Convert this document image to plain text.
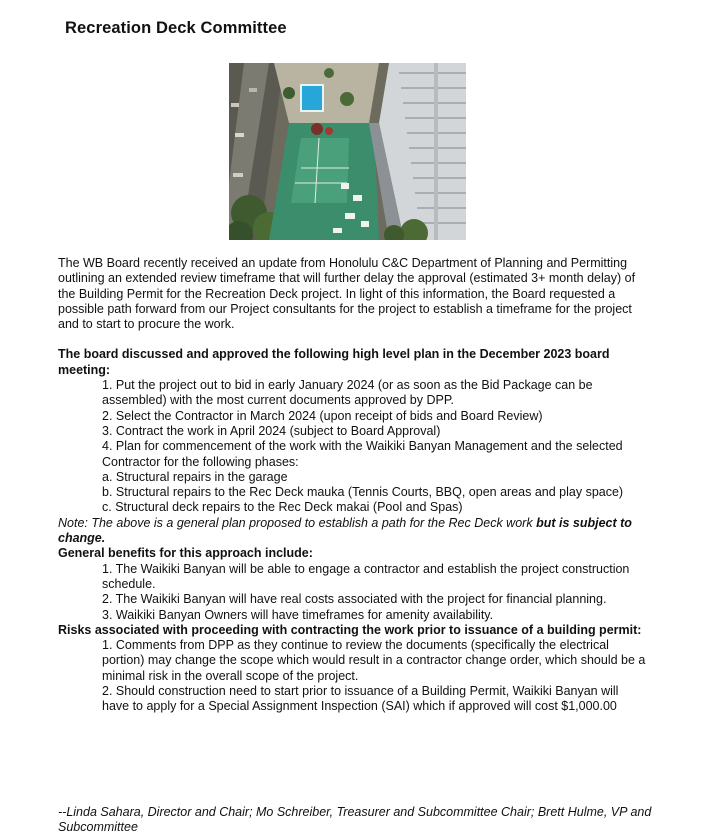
Recreation Deck Committee
The WB Board recently received an update from Honolulu C&C Department of Planning and Permitting outlining an extended review timeframe that will further delay the approval (estimated 3+ month delay) of the Building Permit for the Recreation Deck project. In light of this information, the Board requested a possible path forward from our Project consultants for the project to establish a timeframe for the project and to start to procure the work.
The board discussed and approved the following high level plan in the December 2023 board meeting:
1. Put the project out to bid in early January 2024 (or as soon as the Bid Package can be assembled) with the most current documents approved by DPP.
2. Select the Contractor in March 2024 (upon receipt of bids and Board Review)
3. Contract the work in April 2024 (subject to Board Approval)
4. Plan for commencement of the work with the Waikiki Banyan Management and the selected Contractor for the following phases:
a. Structural repairs in the garage
b. Structural repairs to the Rec Deck mauka (Tennis Courts, BBQ, open areas and play space)
c. Structural deck repairs to the Rec Deck makai (Pool and Spas)
Note: The above is a general plan proposed to establish a path for the Rec Deck work but is subject to change.
General benefits for this approach include:
1. The Waikiki Banyan will be able to engage a contractor and establish the project construction schedule.
2. The Waikiki Banyan will have real costs associated with the project for financial planning.
3. Waikiki Banyan Owners will have timeframes for amenity availability.
Risks associated with proceeding with contracting the work prior to issuance of a building permit:
1. Comments from DPP as they continue to review the documents (specifically the electrical portion) may change the scope which would result in a contractor change order, which should be a minimal risk in the overall scope of the project.
2. Should construction need to start prior to issuance of a Building Permit, Waikiki Banyan will have to apply for a Special Assignment Inspection (SAI) which if approved will cost $1,000.00
--Linda Sahara, Director and Chair; Mo Schreiber, Treasurer and Subcommittee Chair; Brett Hulme, VP and Subcommittee
